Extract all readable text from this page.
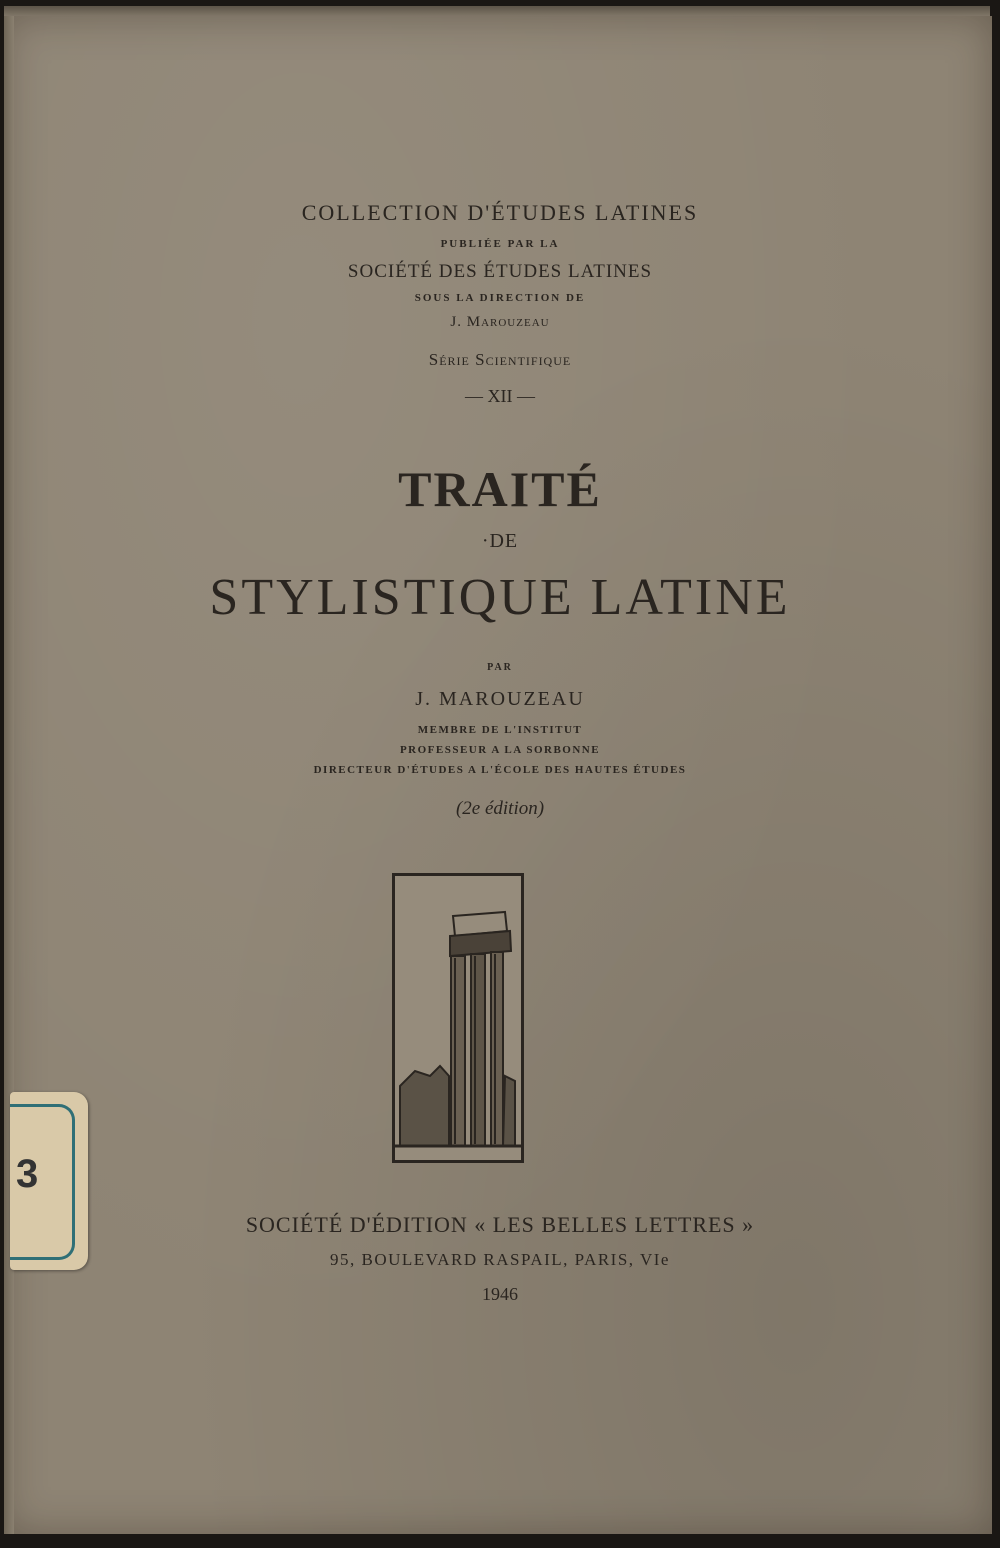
COLLECTION D'ÉTUDES LATINES
PUBLIÉE PAR LA
SOCIÉTÉ DES ÉTUDES LATINES
SOUS LA DIRECTION DE
J. Marouzeau
Série Scientifique
— XII —
TRAITÉ
·DE
STYLISTIQUE LATINE
PAR
J. MAROUZEAU
MEMBRE DE L'INSTITUT
PROFESSEUR A LA SORBONNE
DIRECTEUR D'ÉTUDES A L'ÉCOLE DES HAUTES ÉTUDES
(2e édition)
SOCIÉTÉ D'ÉDITION « LES BELLES LETTRES »
95, BOULEVARD RASPAIL, PARIS, VIe
1946
3
